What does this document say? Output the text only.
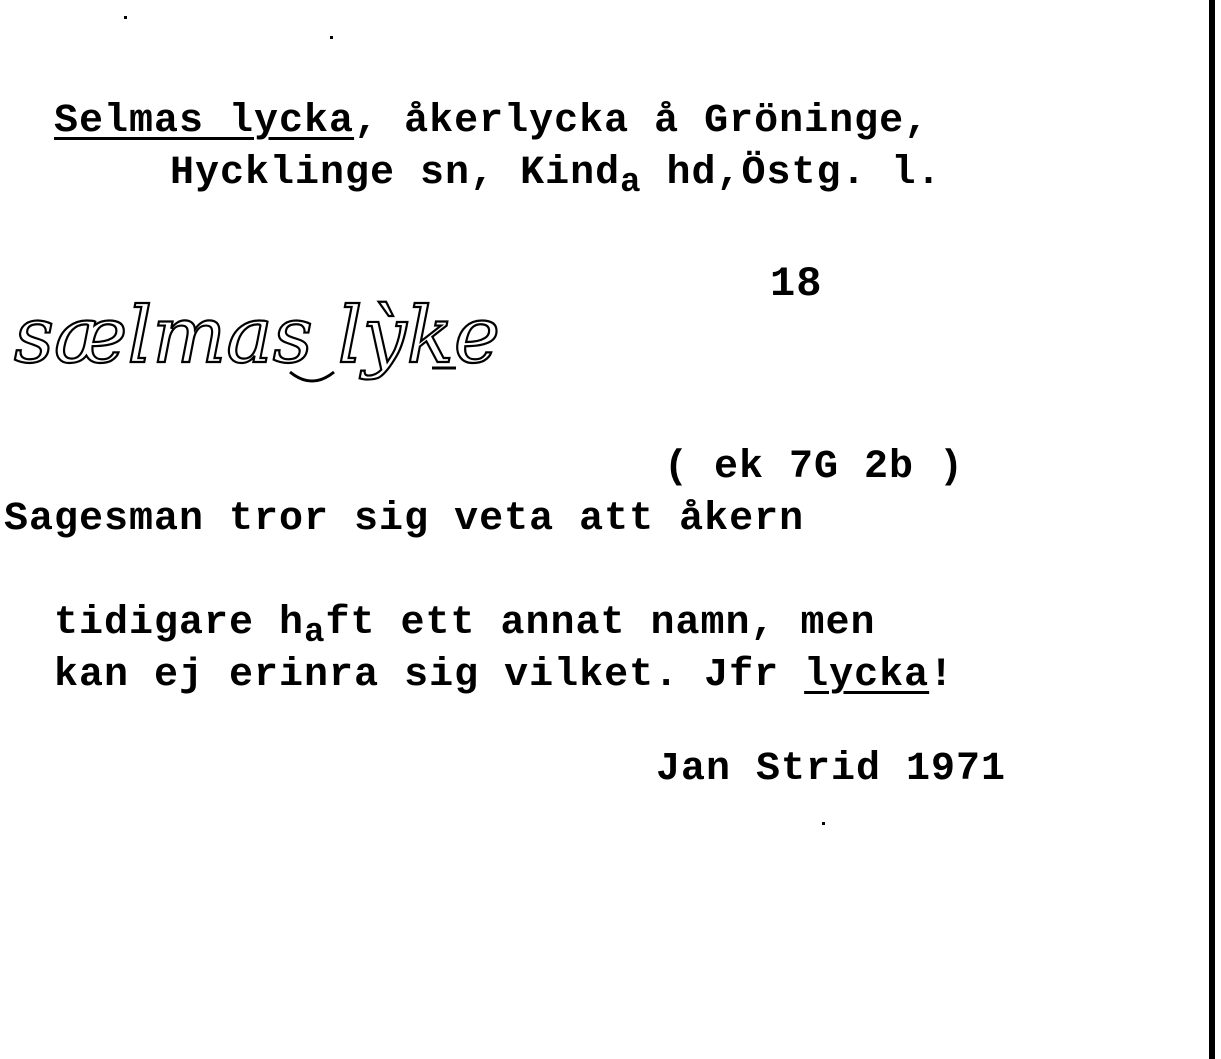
Selmas lycka, åkerlycka å Gröninge,

Hycklinge sn, Kind$_a$ hd,Östg. l.

sælmas lỳke
18
( ek 7G 2b )
Sagesman tror sig veta att åkern

tidigare $h_aft$ ett annat namn, men

kan ej erinra sig vilket. Jfr lycka!

Jan Strid 1971
